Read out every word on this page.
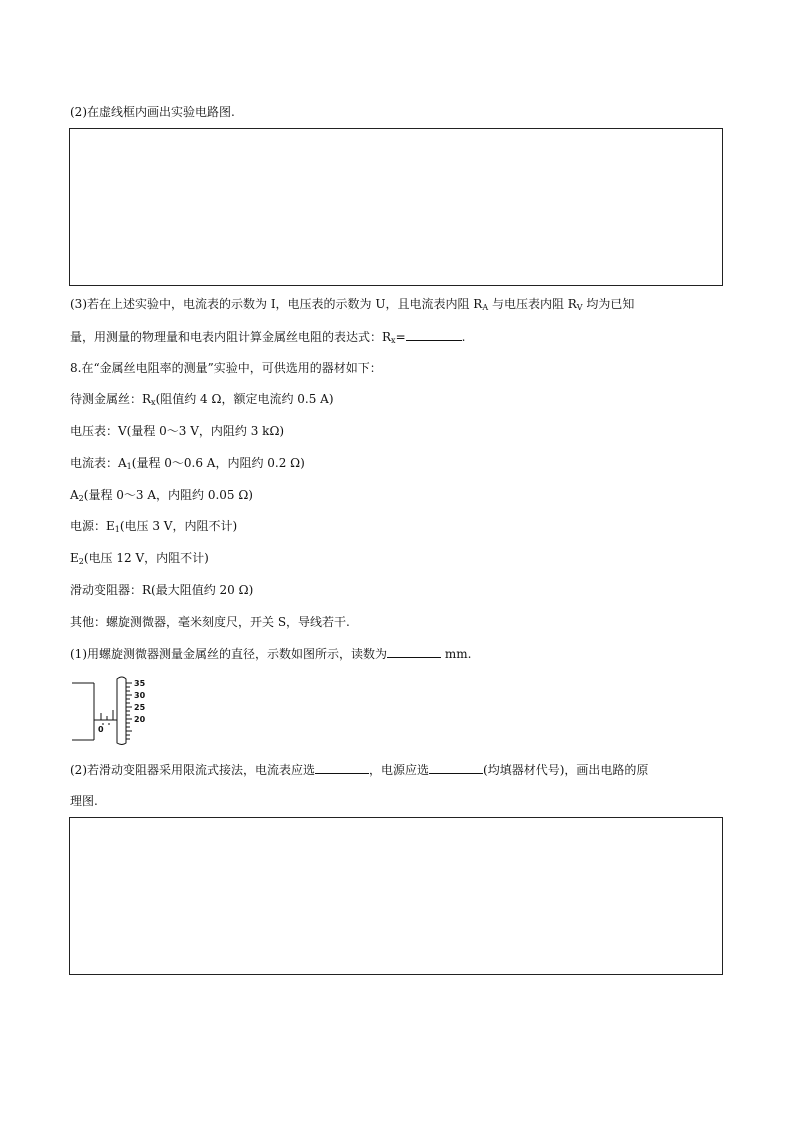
(2)在虚线框内画出实验电路图.
(3)若在上述实验中，电流表的示数为 I，电压表的示数为 U，且电流表内阻 $R_A$ 与电压表内阻 $R_V$ 均为已知
量，用测量的物理量和电表内阻计算金属丝电阻的表达式：$R_x=$	.
8.在“金属丝电阻率的测量”实验中，可供选用的器材如下：
待测金属丝：$R_x$(阻值约 4 Ω，额定电流约 0.5 A)
电压表：V(量程 0～3 V，内阻约 3 kΩ)
电流表：$A_1$(量程 0～0.6 A，内阻约 0.2 Ω)
$A_2$(量程 0～3 A，内阻约 0.05 Ω)
电源：$E_1$(电压 3 V，内阻不计)
$E_2$(电压 12 V，内阻不计)
滑动变阻器：R(最大阻值约 20 Ω)
其他：螺旋测微器，毫米刻度尺，开关 S，导线若干.
(1)用螺旋测微器测量金属丝的直径，示数如图所示，读数为	mm.
35
30
25
20
0
(2)若滑动变阻器采用限流式接法，电流表应选	，电源应选	(均填器材代号)，画出电路的原
理图.
